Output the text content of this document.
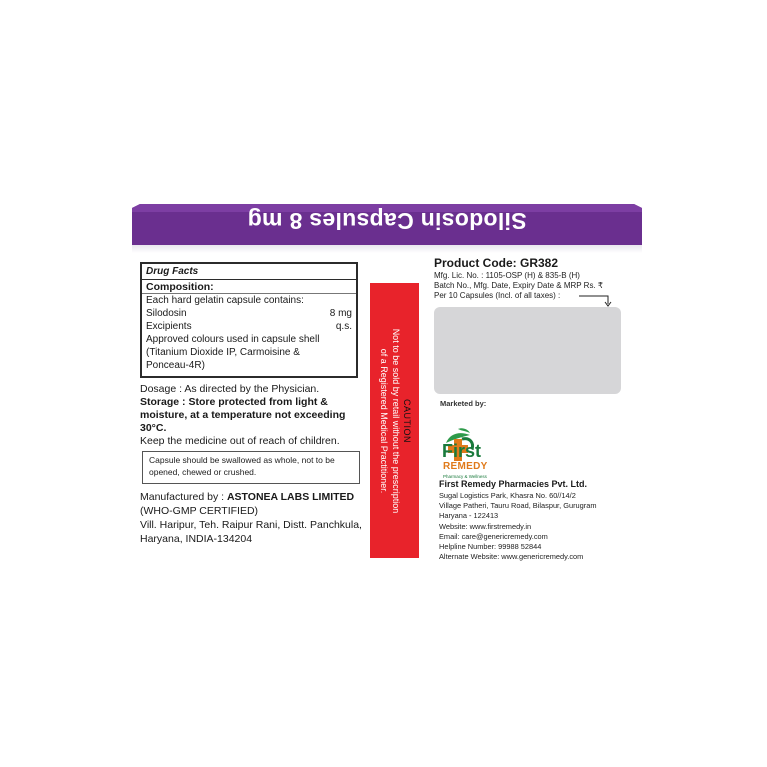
Silodosin Capsules 8 mg
Drug Facts
Composition:
Each hard gelatin capsule contains:
Silodosin	8 mg
Excipients	q.s.
Approved colours used in capsule shell
(Titanium Dioxide IP, Carmoisine &
Ponceau-4R)
Dosage : As directed by the Physician.
Storage : Store protected from light & moisture, at a temperature not exceeding 30°C.
Keep the medicine out of reach of children.
Capsule should be swallowed as whole, not to be opened, chewed or crushed.
Manufactured by : ASTONEA LABS LIMITED
(WHO-GMP CERTIFIED)
Vill. Haripur, Teh. Raipur Rani, Distt. Panchkula,
Haryana, INDIA-134204
CAUTION
Not to be sold by retail without the prescription
of a Registered Medical Practitioner.
Product Code: GR382
Mfg. Lic. No. : 1105-OSP (H) & 835-B (H)
Batch No., Mfg. Date, Expiry Date & MRP Rs. ₹
Per 10 Capsules (Incl. of all taxes) :
Marketed by:
First
REMEDY
Pharmacy & Wellness
First Remedy Pharmacies Pvt. Ltd.
Sugal Logistics Park, Khasra No. 60//14/2
Village Patheri, Tauru Road, Bilaspur, Gurugram
Haryana - 122413
Website: www.firstremedy.in
Email: care@genericremedy.com
Helpline Number: 99988 52844
Alternate Website: www.genericremedy.com
